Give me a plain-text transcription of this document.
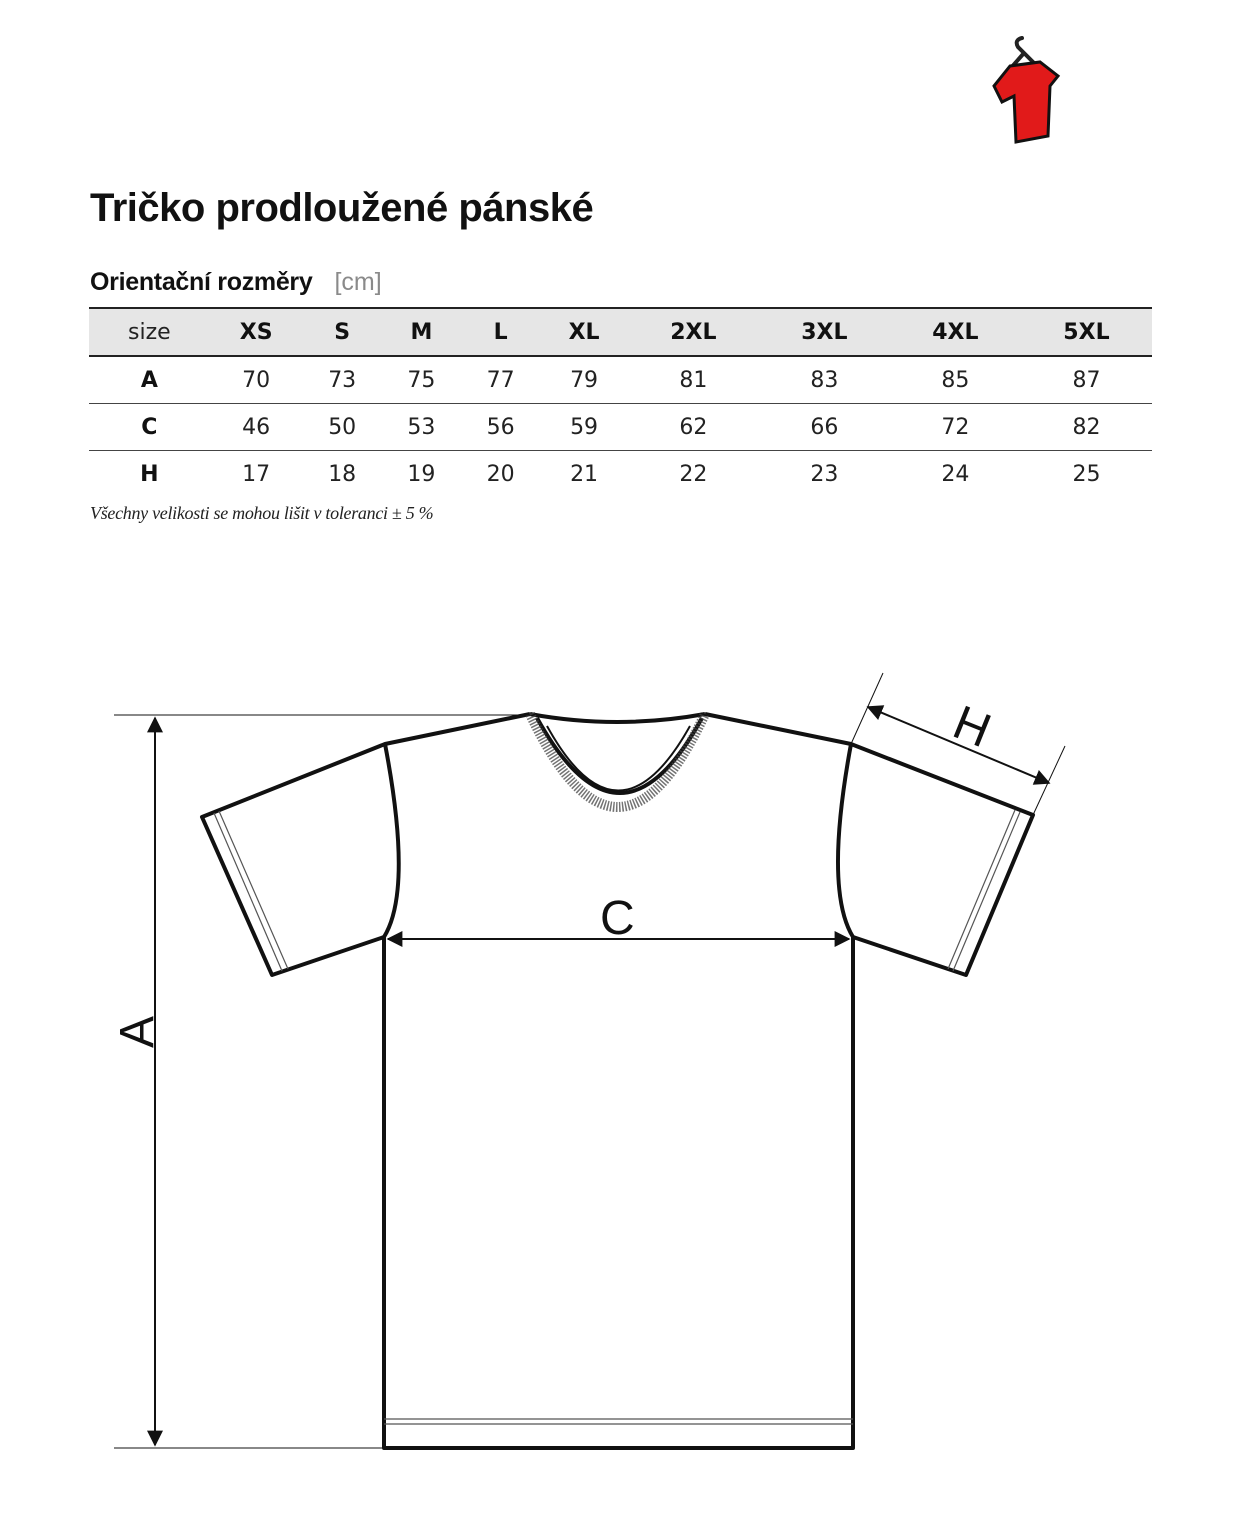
Tričko prodloužené pánské
Orientační rozměry [cm]
size	XS	S	M	L	XL	2XL	3XL	4XL	5XL
A	70	73	75	77	79	81	83	85	87
C	46	50	53	56	59	62	66	72	82
H	17	18	19	20	21	22	23	24	25
Všechny velikosti se mohou lišit v toleranci ± 5 %
A
C
H
